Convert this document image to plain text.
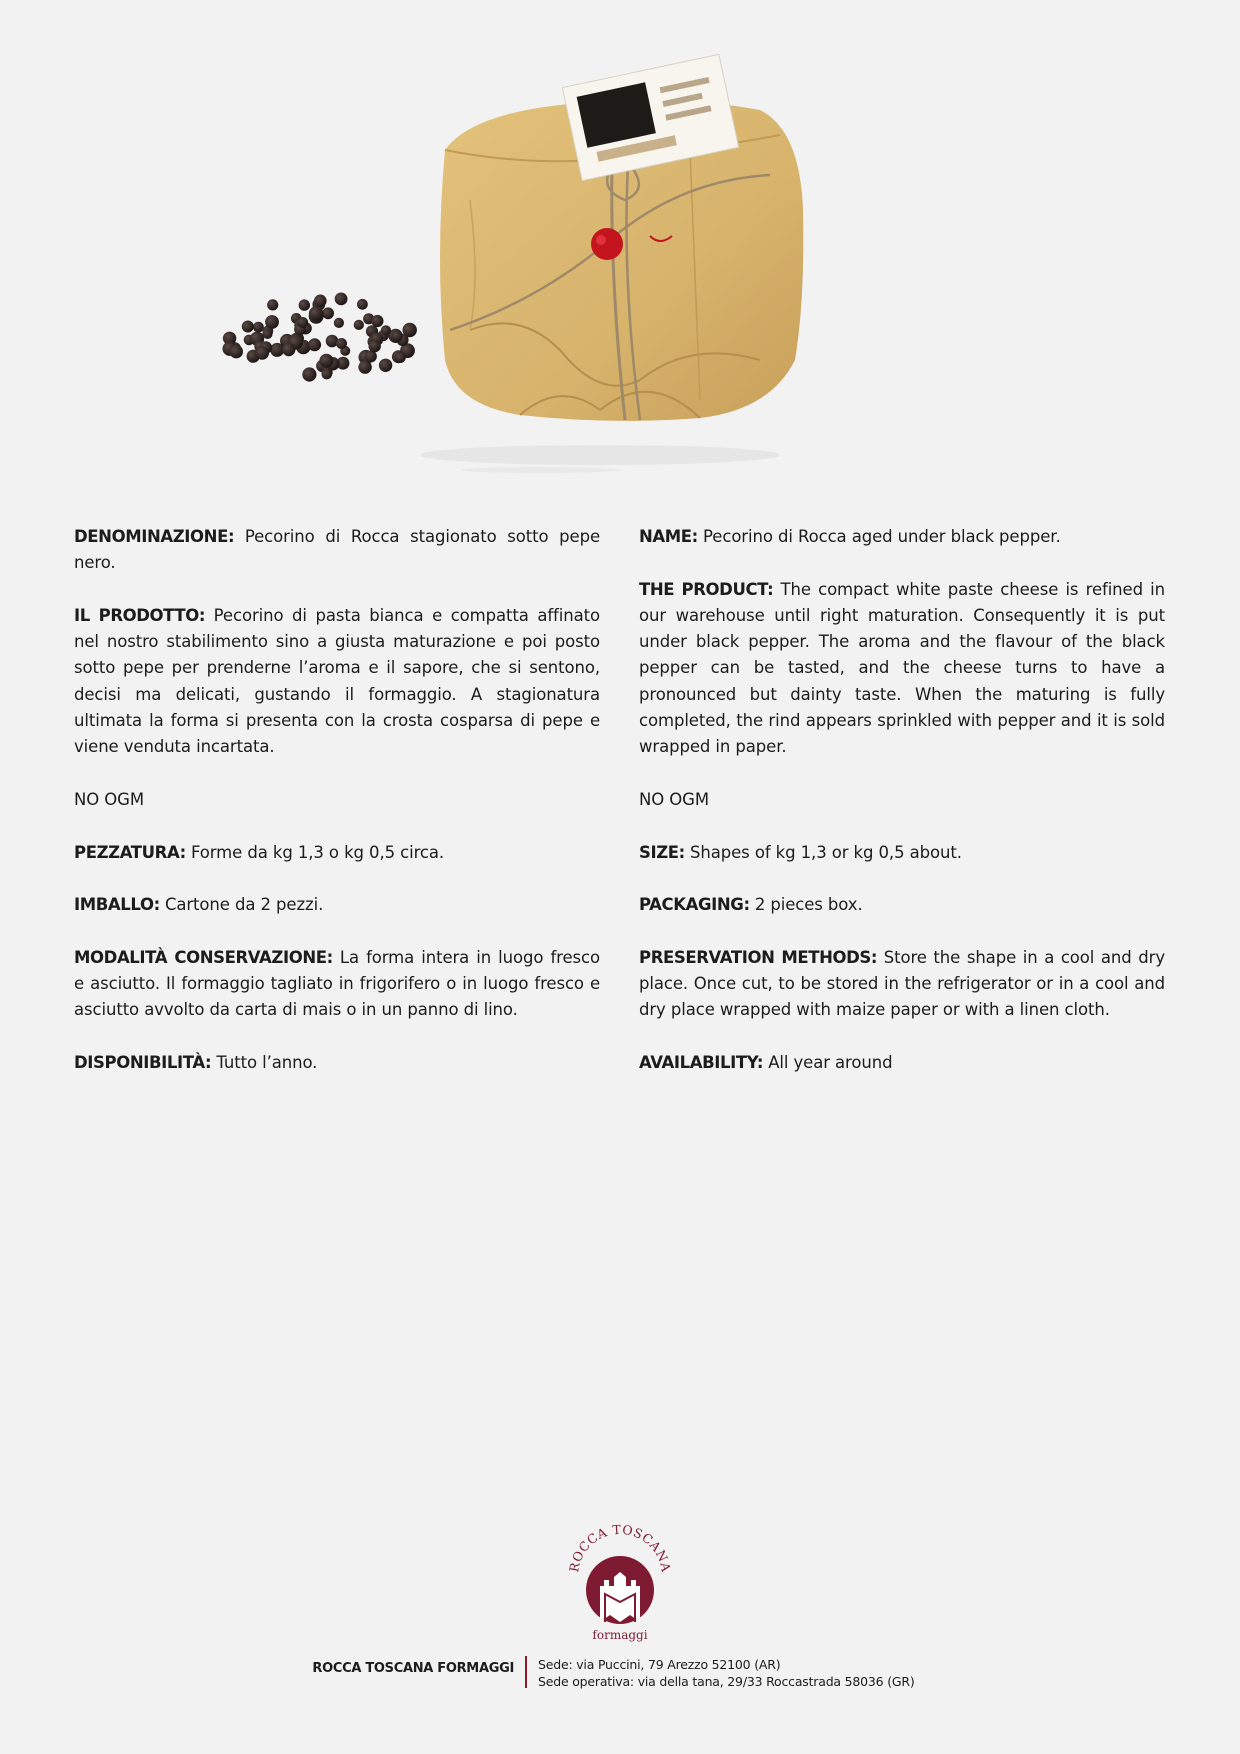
DENOMINAZIONE: Pecorino di Rocca stagionato sotto pepe nero.

IL PRODOTTO: Pecorino di pasta bianca e compatta affinato nel nostro stabilimento sino a giusta maturazione e poi posto sotto pepe per prenderne l’aroma e il sapore, che si sentono, decisi ma delicati, gustando il formaggio. A stagionatura ultimata la forma si presenta con la crosta cosparsa di pepe e viene venduta incartata.

NO OGM

PEZZATURA: Forme da kg 1,3 o kg 0,5 circa.

IMBALLO: Cartone da 2 pezzi.

MODALITÀ CONSERVAZIONE: La forma intera in luogo fresco e asciutto. Il formaggio tagliato in frigorifero o in luogo fresco e asciutto avvolto da carta di mais o in un panno di lino.

DISPONIBILITÀ: Tutto l’anno.

NAME: Pecorino di Rocca aged under black pepper.

THE PRODUCT: The compact white paste cheese is refined in our warehouse until right maturation. Consequently it is put under black pepper. The aroma and the flavour of the black pepper can be tasted, and the cheese turns to have a pronounced but dainty taste. When the maturing is fully completed, the rind appears sprinkled with pepper and it is sold wrapped in paper.

NO OGM

SIZE: Shapes of kg 1,3 or kg 0,5 about.

PACKAGING: 2 pieces box.

PRESERVATION METHODS: Store the shape in a cool and dry place. Once cut, to be stored in the refrigerator or in a cool and dry place wrapped with maize paper or with a linen cloth.

AVAILABILITY: All year around

ROCCA TOSCANA
formaggi
ROCCA TOSCANA FORMAGGI Sede: via Puccini, 79 Arezzo 52100 (AR)
Sede operativa: via della tana, 29/33 Roccastrada 58036 (GR)
